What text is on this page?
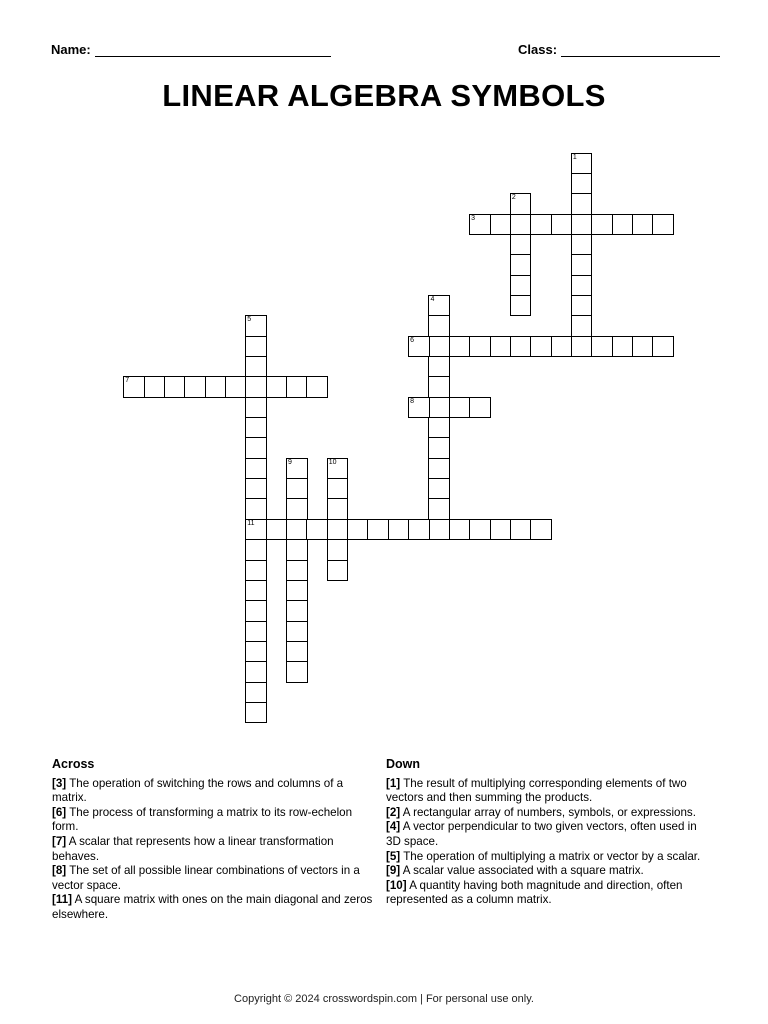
Name:	Class:
LINEAR ALGEBRA SYMBOLS
1
2
3
4
5
11
6
7
8
9	10
Across
[3] The operation of switching the rows and columns of a matrix.
[6] The process of transforming a matrix to its row-echelon form.
[7] A scalar that represents how a linear transformation behaves.
[8] The set of all possible linear combinations of vectors in a vector space.
[11] A square matrix with ones on the main diagonal and zeros elsewhere.
Down
[1] The result of multiplying corresponding elements of two vectors and then summing the products.
[2] A rectangular array of numbers, symbols, or expressions.
[4] A vector perpendicular to two given vectors, often used in 3D space.
[5] The operation of multiplying a matrix or vector by a scalar.
[9] A scalar value associated with a square matrix.
[10] A quantity having both magnitude and direction, often represented as a column matrix.
Copyright © 2024 crosswordspin.com | For personal use only.
